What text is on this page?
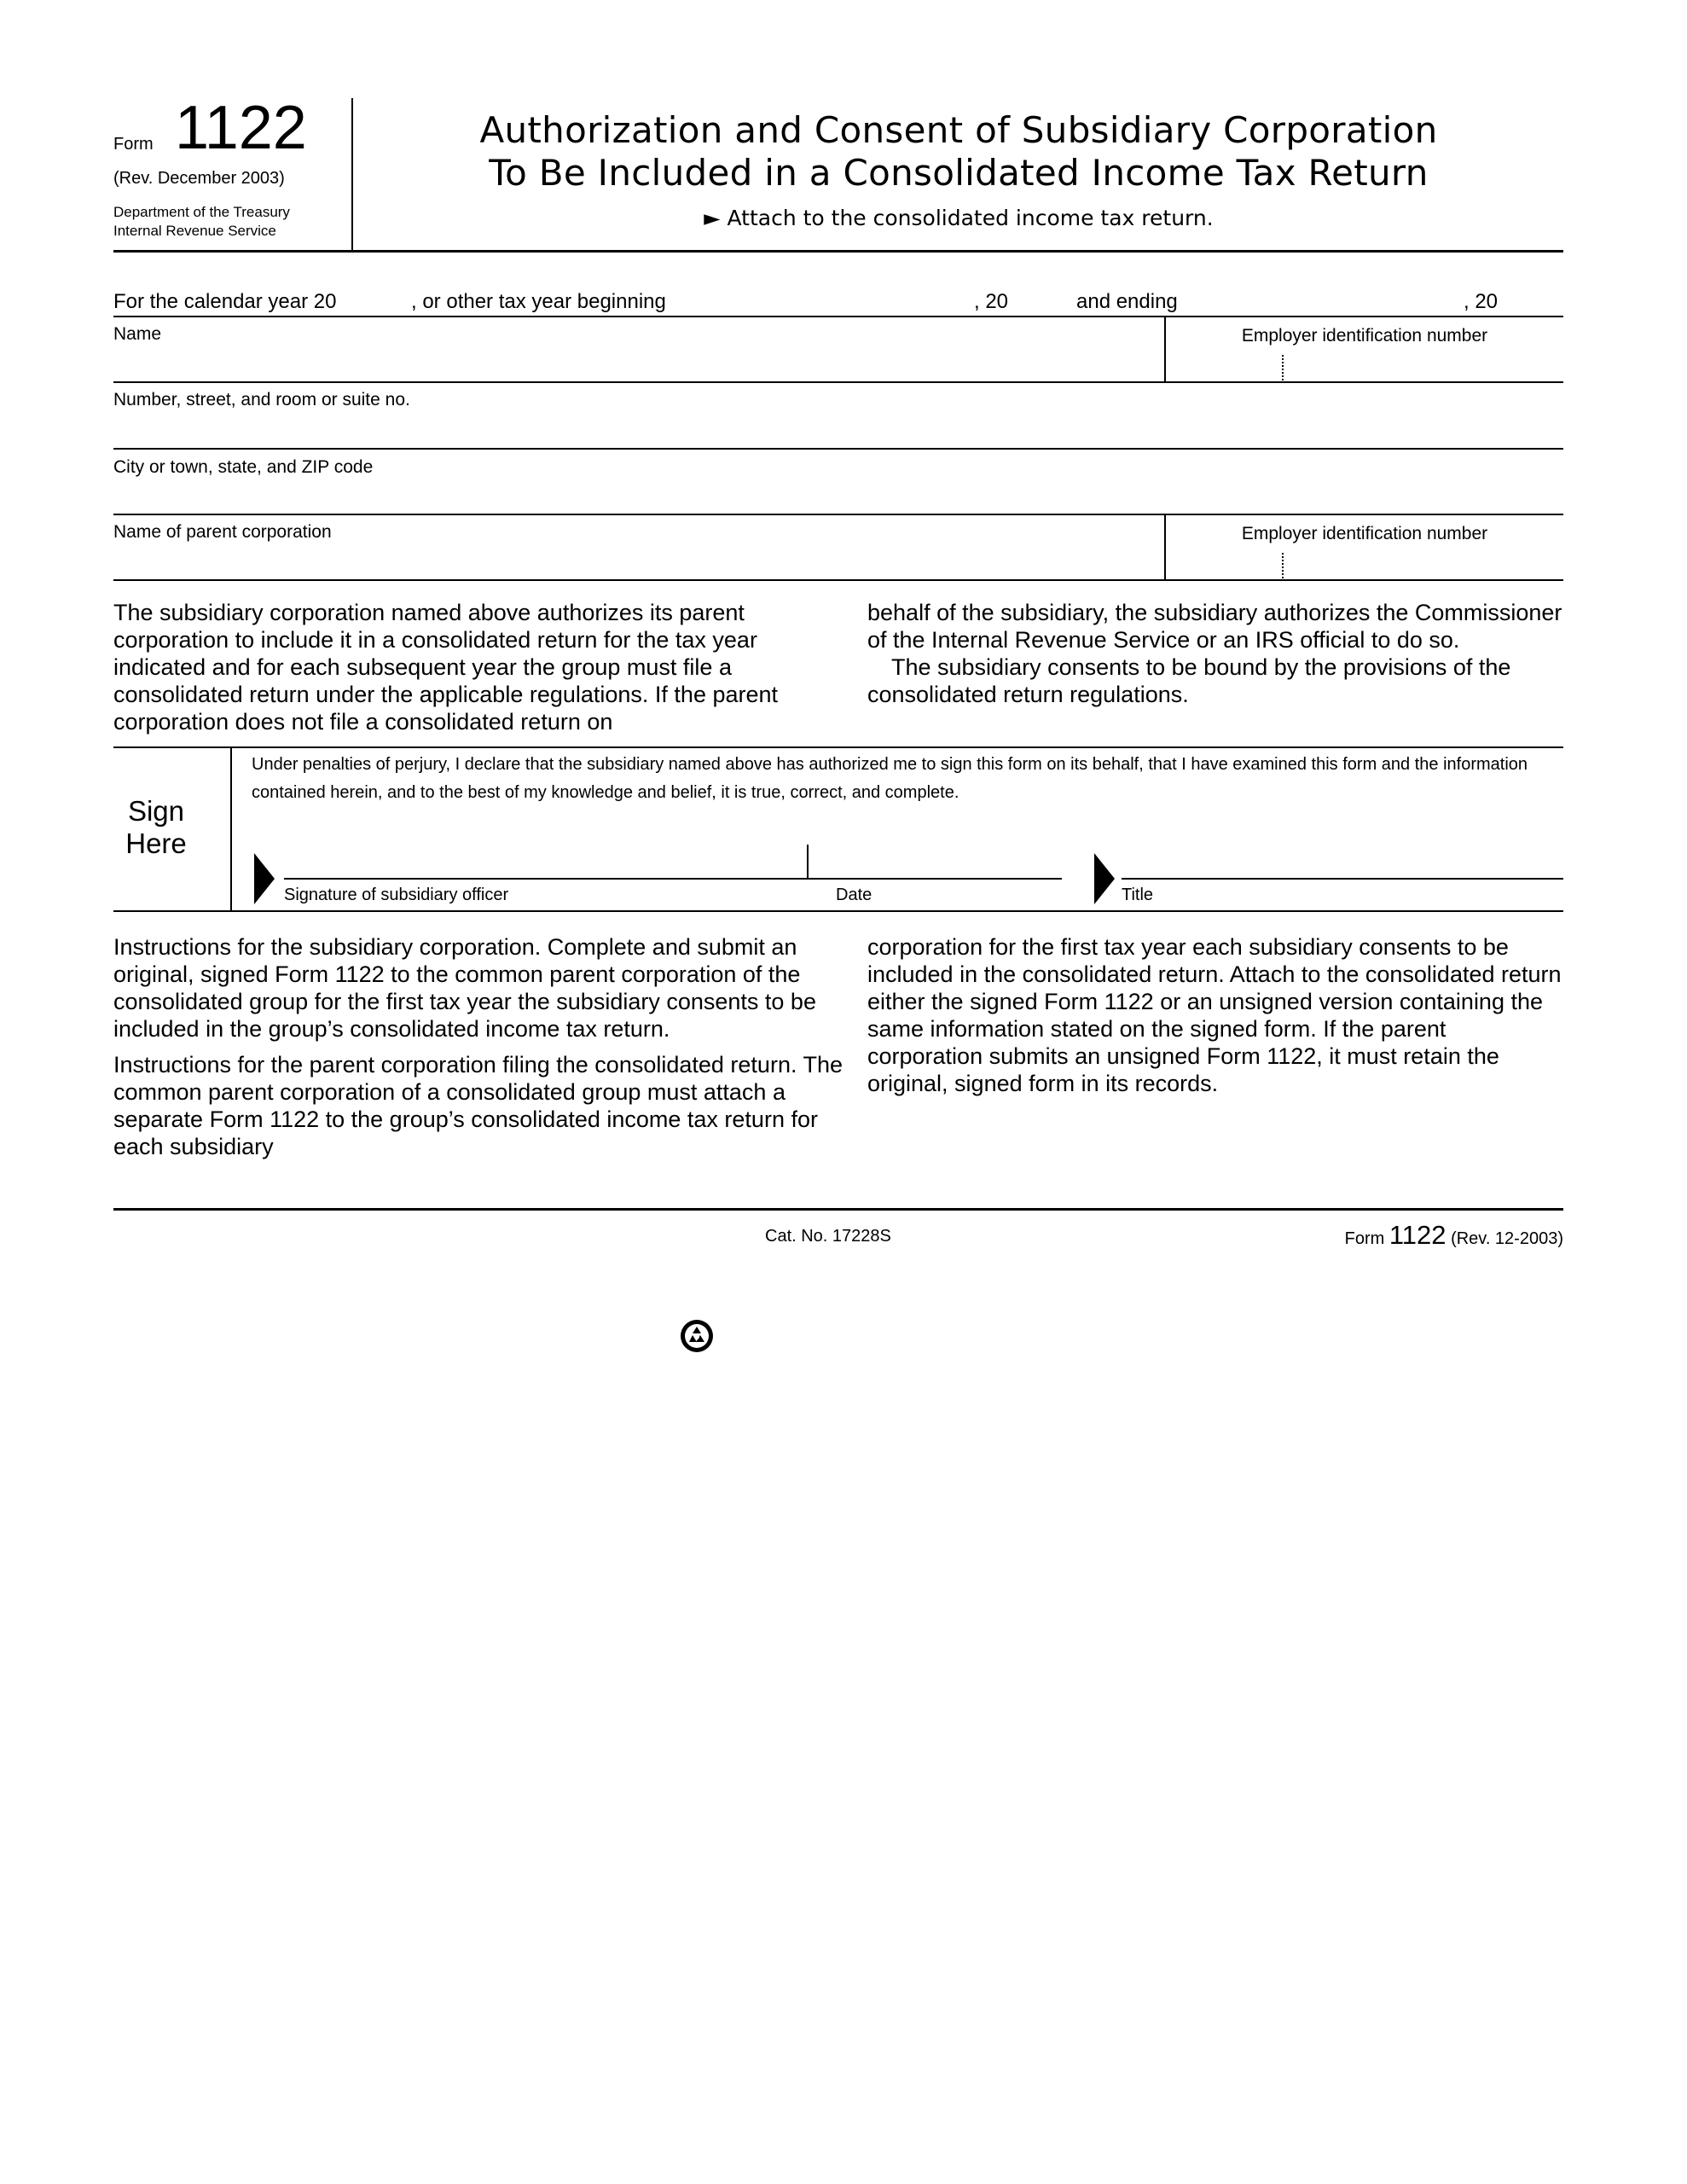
Form 1122
(Rev. December 2003)
Department of the Treasury
Internal Revenue Service
Authorization and Consent of Subsidiary Corporation
To Be Included in a Consolidated Income Tax Return
► Attach to the consolidated income tax return.
For the calendar year 20	, or other tax year beginning	, 20	and ending	, 20
Name	Employer identification number
Number, street, and room or suite no.
City or town, state, and ZIP code
Name of parent corporation	Employer identification number
The subsidiary corporation named above authorizes its parent corporation to include it in a consolidated return for the tax year indicated and for each subsequent year the group must file a consolidated return under the applicable regulations. If the parent corporation does not file a consolidated return on

behalf of the subsidiary, the subsidiary authorizes the Commissioner of the Internal Revenue Service or an IRS official to do so.

The subsidiary consents to be bound by the provisions of the consolidated return regulations.

Sign
Here
Under penalties of perjury, I declare that the subsidiary named above has authorized me to sign this form on its behalf, that I have examined this form and the information contained herein, and to the best of my knowledge and belief, it is true, correct, and complete.
Signature of subsidiary officer	Date	Title

Instructions for the subsidiary corporation. Complete and submit an original, signed Form 1122 to the common parent corporation of the consolidated group for the first tax year the subsidiary consents to be included in the group’s consolidated income tax return.

Instructions for the parent corporation filing the consolidated return. The common parent corporation of a consolidated group must attach a separate Form 1122 to the group’s consolidated income tax return for each subsidiary

corporation for the first tax year each subsidiary consents to be included in the consolidated return. Attach to the consolidated return either the signed Form 1122 or an unsigned version containing the same information stated on the signed form. If the parent corporation submits an unsigned Form 1122, it must retain the original, signed form in its records.
Cat. No. 17228S	Form 1122 (Rev. 12-2003)
